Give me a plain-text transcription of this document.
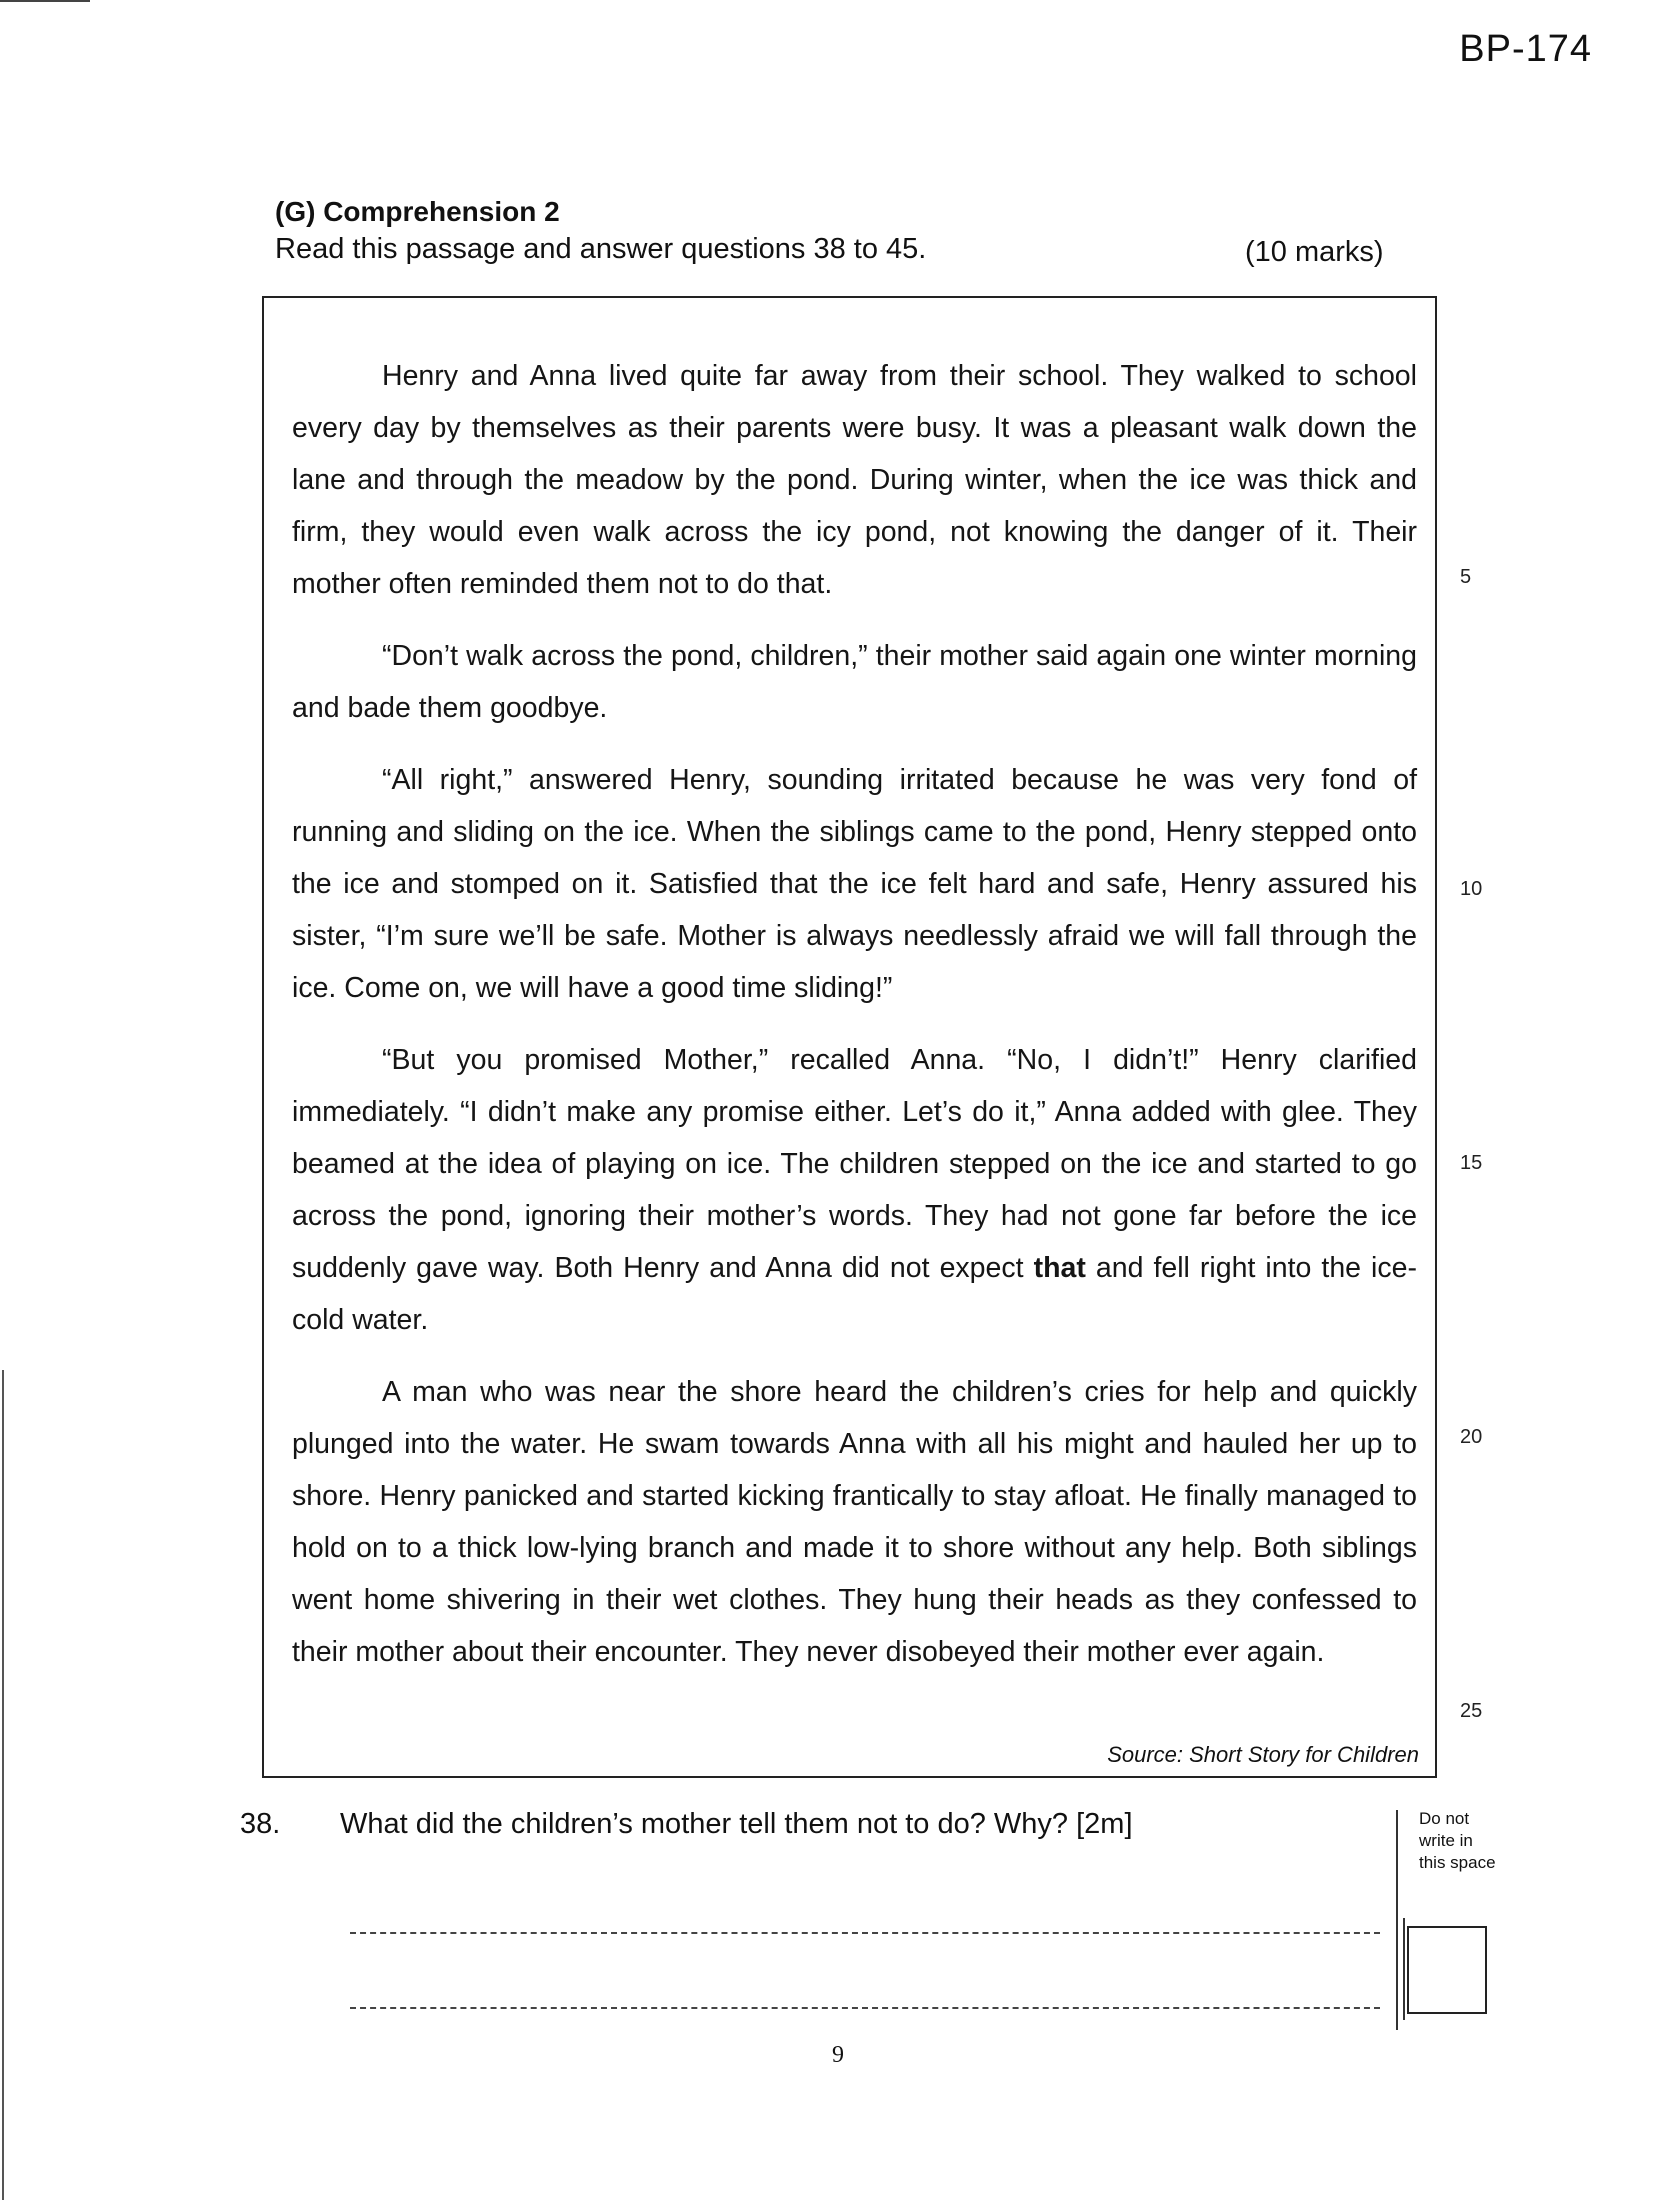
BP-174
(G) Comprehension 2
Read this passage and answer questions 38 to 45.	(10 marks)

Henry and Anna lived quite far away from their school. They walked to school every day by themselves as their parents were busy. It was a pleasant walk down the lane and through the meadow by the pond. During winter, when the ice was thick and firm, they would even walk across the icy pond, not knowing the danger of it. Their mother often reminded them not to do that.

“Don’t walk across the pond, children,” their mother said again one winter morning and bade them goodbye.

“All right,” answered Henry, sounding irritated because he was very fond of running and sliding on the ice. When the siblings came to the pond, Henry stepped onto the ice and stomped on it. Satisfied that the ice felt hard and safe, Henry assured his sister, “I’m sure we’ll be safe. Mother is always needlessly afraid we will fall through the ice. Come on, we will have a good time sliding!”

“But you promised Mother,” recalled Anna. “No, I didn’t!” Henry clarified immediately. “I didn’t make any promise either. Let’s do it,” Anna added with glee. They beamed at the idea of playing on ice. The children stepped on the ice and started to go across the pond, ignoring their mother’s words. They had not gone far before the ice suddenly gave way. Both Henry and Anna did not expect that and fell right into the ice-cold water.

A man who was near the shore heard the children’s cries for help and quickly plunged into the water. He swam towards Anna with all his might and hauled her up to shore. Henry panicked and started kicking frantically to stay afloat. He finally managed to hold on to a thick low-lying branch and made it to shore without any help. Both siblings went home shivering in their wet clothes. They hung their heads as they confessed to their mother about their encounter. They never disobeyed their mother ever again.

Source: Short Story for Children
5
10
15
20
25
38. What did the children’s mother tell them not to do? Why? [2m]	Do not write in this space
9
